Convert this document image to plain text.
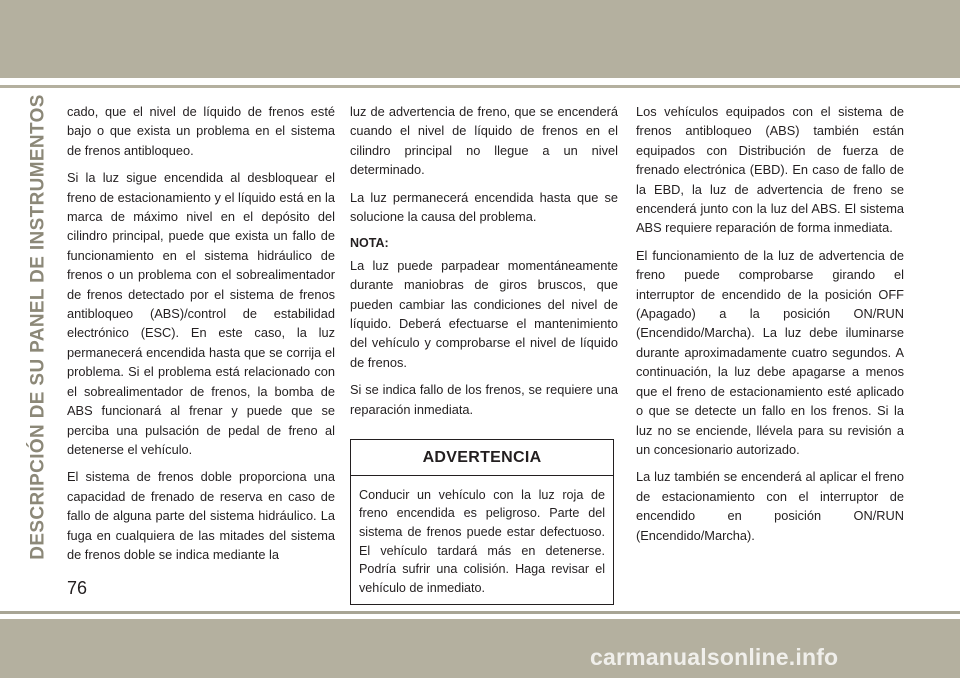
DESCRIPCIÓN DE SU PANEL DE INSTRUMENTOS cado, que el nivel de líquido de frenos esté bajo o que exista un problema en el sistema de frenos antibloqueo.

Si la luz sigue encendida al desbloquear el freno de estacionamiento y el líquido está en la marca de máximo nivel en el depósito del cilindro principal, puede que exista un fallo de funcionamiento en el sistema hidráulico de frenos o un problema con el sobrealimentador de frenos detectado por el sistema de frenos antibloqueo (ABS)/control de estabilidad electrónico (ESC). En este caso, la luz permanecerá encendida hasta que se corrija el problema. Si el problema está relacionado con el sobrealimentador de frenos, la bomba de ABS funcionará al frenar y puede que se perciba una pulsación de pedal de freno al detenerse el vehículo.

El sistema de frenos doble proporciona una capacidad de frenado de reserva en caso de fallo de alguna parte del sistema hidráulico. La fuga en cualquiera de las mitades del sistema de frenos doble se indica mediante la

luz de advertencia de freno, que se encenderá cuando el nivel de líquido de frenos en el cilindro principal no llegue a un nivel determinado.

La luz permanecerá encendida hasta que se solucione la causa del problema.

NOTA:

La luz puede parpadear momentáneamente durante maniobras de giros bruscos, que pueden cambiar las condiciones del nivel de líquido. Deberá efectuarse el mantenimiento del vehículo y comprobarse el nivel de líquido de frenos.

Si se indica fallo de los frenos, se requiere una reparación inmediata.

ADVERTENCIA
Conducir un vehículo con la luz roja de freno encendida es peligroso. Parte del sistema de frenos puede estar defectuoso. El vehículo tardará más en detenerse. Podría sufrir una colisión. Haga revisar el vehículo de inmediato.

Los vehículos equipados con el sistema de frenos antibloqueo (ABS) también están equipados con Distribución de fuerza de frenado electrónica (EBD). En caso de fallo de la EBD, la luz de advertencia de freno se encenderá junto con la luz del ABS. El sistema ABS requiere reparación de forma inmediata.

El funcionamiento de la luz de advertencia de freno puede comprobarse girando el interruptor de encendido de la posición OFF (Apagado) a la posición ON/RUN (Encendido/Marcha). La luz debe iluminarse durante aproximadamente cuatro segundos. A continuación, la luz debe apagarse a menos que el freno de estacionamiento esté aplicado o que se detecte un fallo en los frenos. Si la luz no se enciende, llévela para su revisión a un concesionario autorizado.

La luz también se encenderá al aplicar el freno de estacionamiento con el interruptor de encendido en posición ON/RUN (Encendido/Marcha).

76
carmanualsonline.info
